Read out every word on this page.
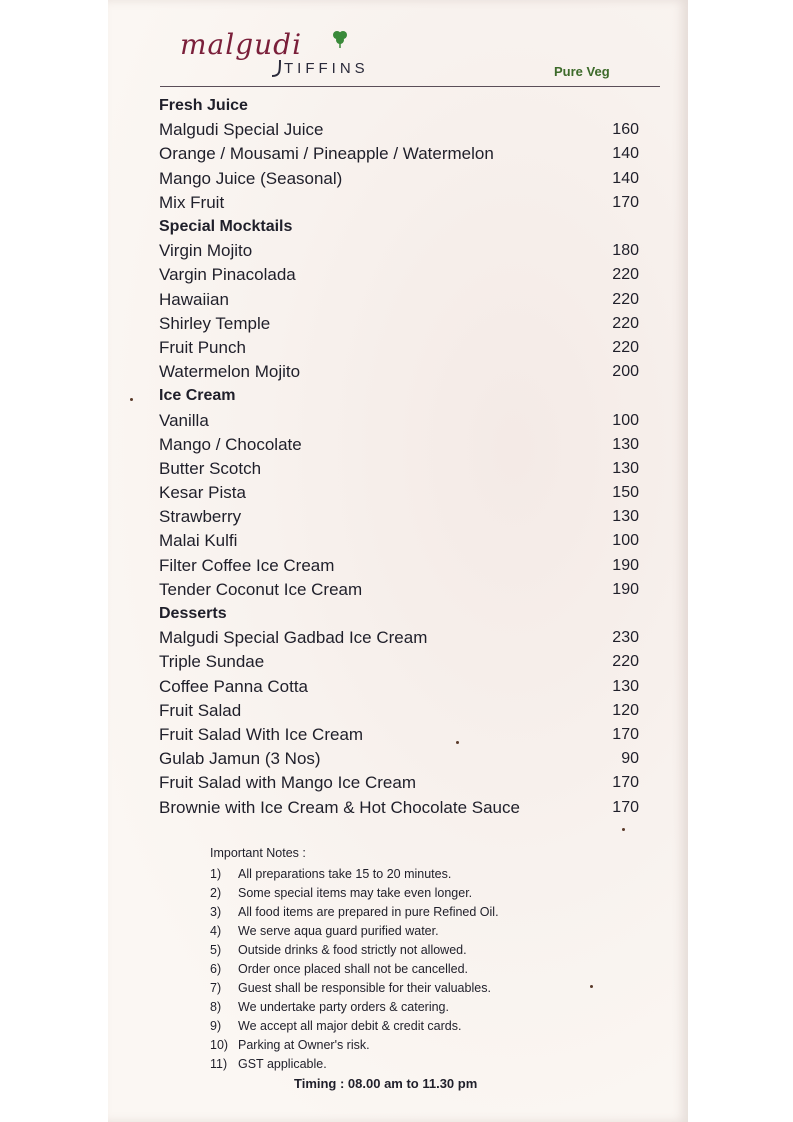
malgudi
TIFFINS	Pure Veg
Fresh Juice
Malgudi Special Juice	160
Orange / Mousami / Pineapple / Watermelon	140
Mango Juice (Seasonal)	140
Mix Fruit	170
Special Mocktails
Virgin Mojito	180
Vargin Pinacolada	220
Hawaiian	220
Shirley Temple	220
Fruit Punch	220
Watermelon Mojito	200
Ice Cream
Vanilla	100
Mango / Chocolate	130
Butter Scotch	130
Kesar Pista	150
Strawberry	130
Malai Kulfi	100
Filter Coffee Ice Cream	190
Tender Coconut Ice Cream	190
Desserts
Malgudi Special Gadbad Ice Cream	230
Triple Sundae	220
Coffee Panna Cotta	130
Fruit Salad	120
Fruit Salad With Ice Cream	170
Gulab Jamun (3 Nos)	90
Fruit Salad with Mango Ice Cream	170
Brownie with Ice Cream & Hot Chocolate Sauce	170
Important Notes :
1)	All preparations take 15 to 20 minutes.
2)	Some special items may take even longer.
3)	All food items are prepared in pure Refined Oil.
4)	We serve aqua guard purified water.
5)	Outside drinks & food strictly not allowed.
6)	Order once placed shall not be cancelled.
7)	Guest shall be responsible for their valuables.
8)	We undertake party orders & catering.
9)	We accept all major debit & credit cards.
10) Parking at Owner's risk.
11) GST applicable.
Timing : 08.00 am to 11.30 pm
